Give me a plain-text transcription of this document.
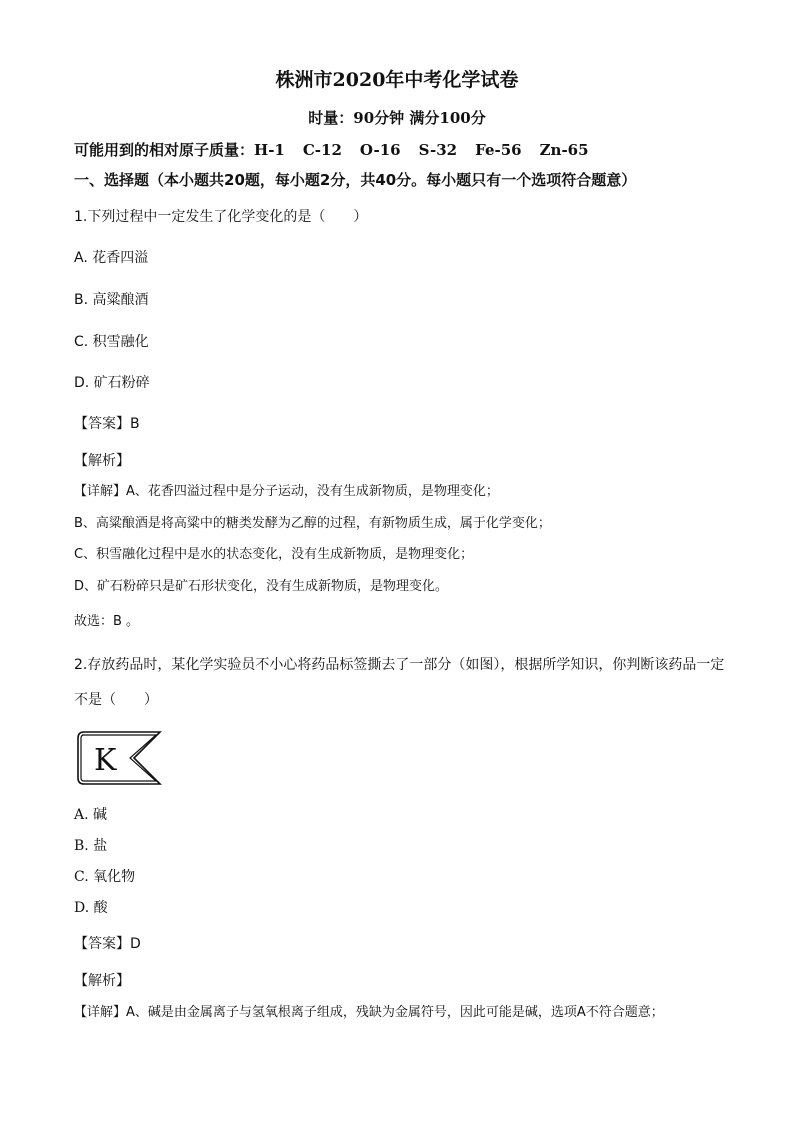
株洲市2020年中考化学试卷
时量：90分钟 满分100分
可能用到的相对原子质量：H-1 C-12 O-16 S-32 Fe-56 Zn-65
一、选择题（本小题共20题，每小题2分，共40分。每小题只有一个选项符合题意）
1.下列过程中一定发生了化学变化的是（　　）
A. 花香四溢
B. 高粱酿酒
C. 积雪融化
D. 矿石粉碎
【答案】B
【解析】
【详解】A、花香四溢过程中是分子运动，没有生成新物质，是物理变化；
B、高粱酿酒是将高粱中的糖类发酵为乙醇的过程，有新物质生成，属于化学变化；
C、积雪融化过程中是水的状态变化，没有生成新物质，是物理变化；
D、矿石粉碎只是矿石形状变化，没有生成新物质，是物理变化。
故选：B 。
2.存放药品时，某化学实验员不小心将药品标签撕去了一部分（如图），根据所学知识，你判断该药品一定
不是（　　）
K
A. 碱
B. 盐
C. 氧化物
D. 酸
【答案】D
【解析】
【详解】A、碱是由金属离子与氢氧根离子组成，残缺为金属符号，因此可能是碱，选项A不符合题意；
